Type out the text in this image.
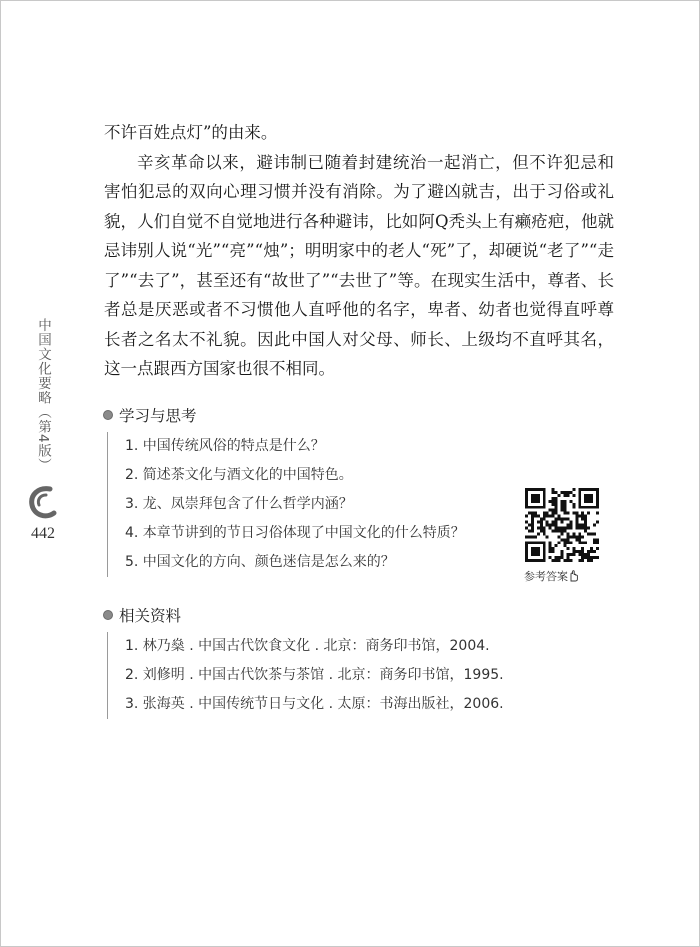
不许百姓点灯”的由来。

辛亥革命以来，避讳制已随着封建统治一起消亡，但不许犯忌和害怕犯忌的双向心理习惯并没有消除。为了避凶就吉，出于习俗或礼貌，人们自觉不自觉地进行各种避讳，比如阿Q秃头上有癞疮疤，他就忌讳别人说“光”“亮”“烛”；明明家中的老人“死”了，却硬说“老了”“走了”“去了”，甚至还有“故世了”“去世了”等。在现实生活中，尊者、长者总是厌恶或者不习惯他人直呼他的名字，卑者、幼者也觉得直呼尊长者之名太不礼貌。因此中国人对父母、师长、上级均不直呼其名，这一点跟西方国家也很不相同。

中国文化要略（第4版）
442
学习与思考
1. 中国传统风俗的特点是什么？
2. 简述茶文化与酒文化的中国特色。
3. 龙、凤崇拜包含了什么哲学内涵？
4. 本章节讲到的节日习俗体现了中国文化的什么特质？
5. 中国文化的方向、颜色迷信是怎么来的？
参考答案
相关资料
1. 林乃燊 . 中国古代饮食文化 . 北京：商务印书馆，2004.
2. 刘修明 . 中国古代饮茶与茶馆 . 北京：商务印书馆，1995.
3. 张海英 . 中国传统节日与文化 . 太原：书海出版社，2006.
